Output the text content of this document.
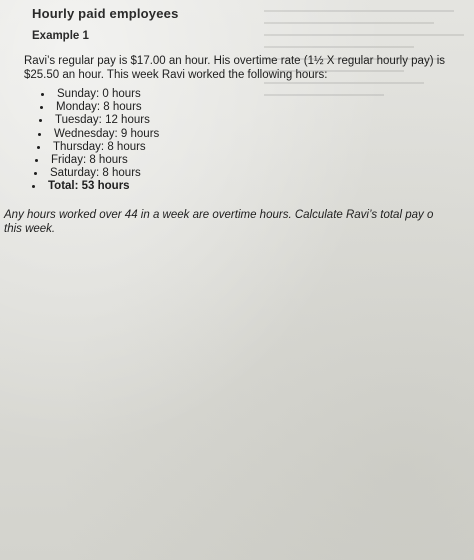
Hourly paid employees
Example 1
Ravi’s regular pay is $17.00 an hour. His overtime rate (1½ X regular hourly pay) is
$25.50 an hour. This week Ravi worked the following hours:
Sunday: 0 hours
Monday: 8 hours
Tuesday: 12 hours
Wednesday: 9 hours
Thursday: 8 hours
Friday: 8 hours
Saturday: 8 hours
Total: 53 hours
Any hours worked over 44 in a week are overtime hours. Calculate Ravi’s total pay o
this week.
